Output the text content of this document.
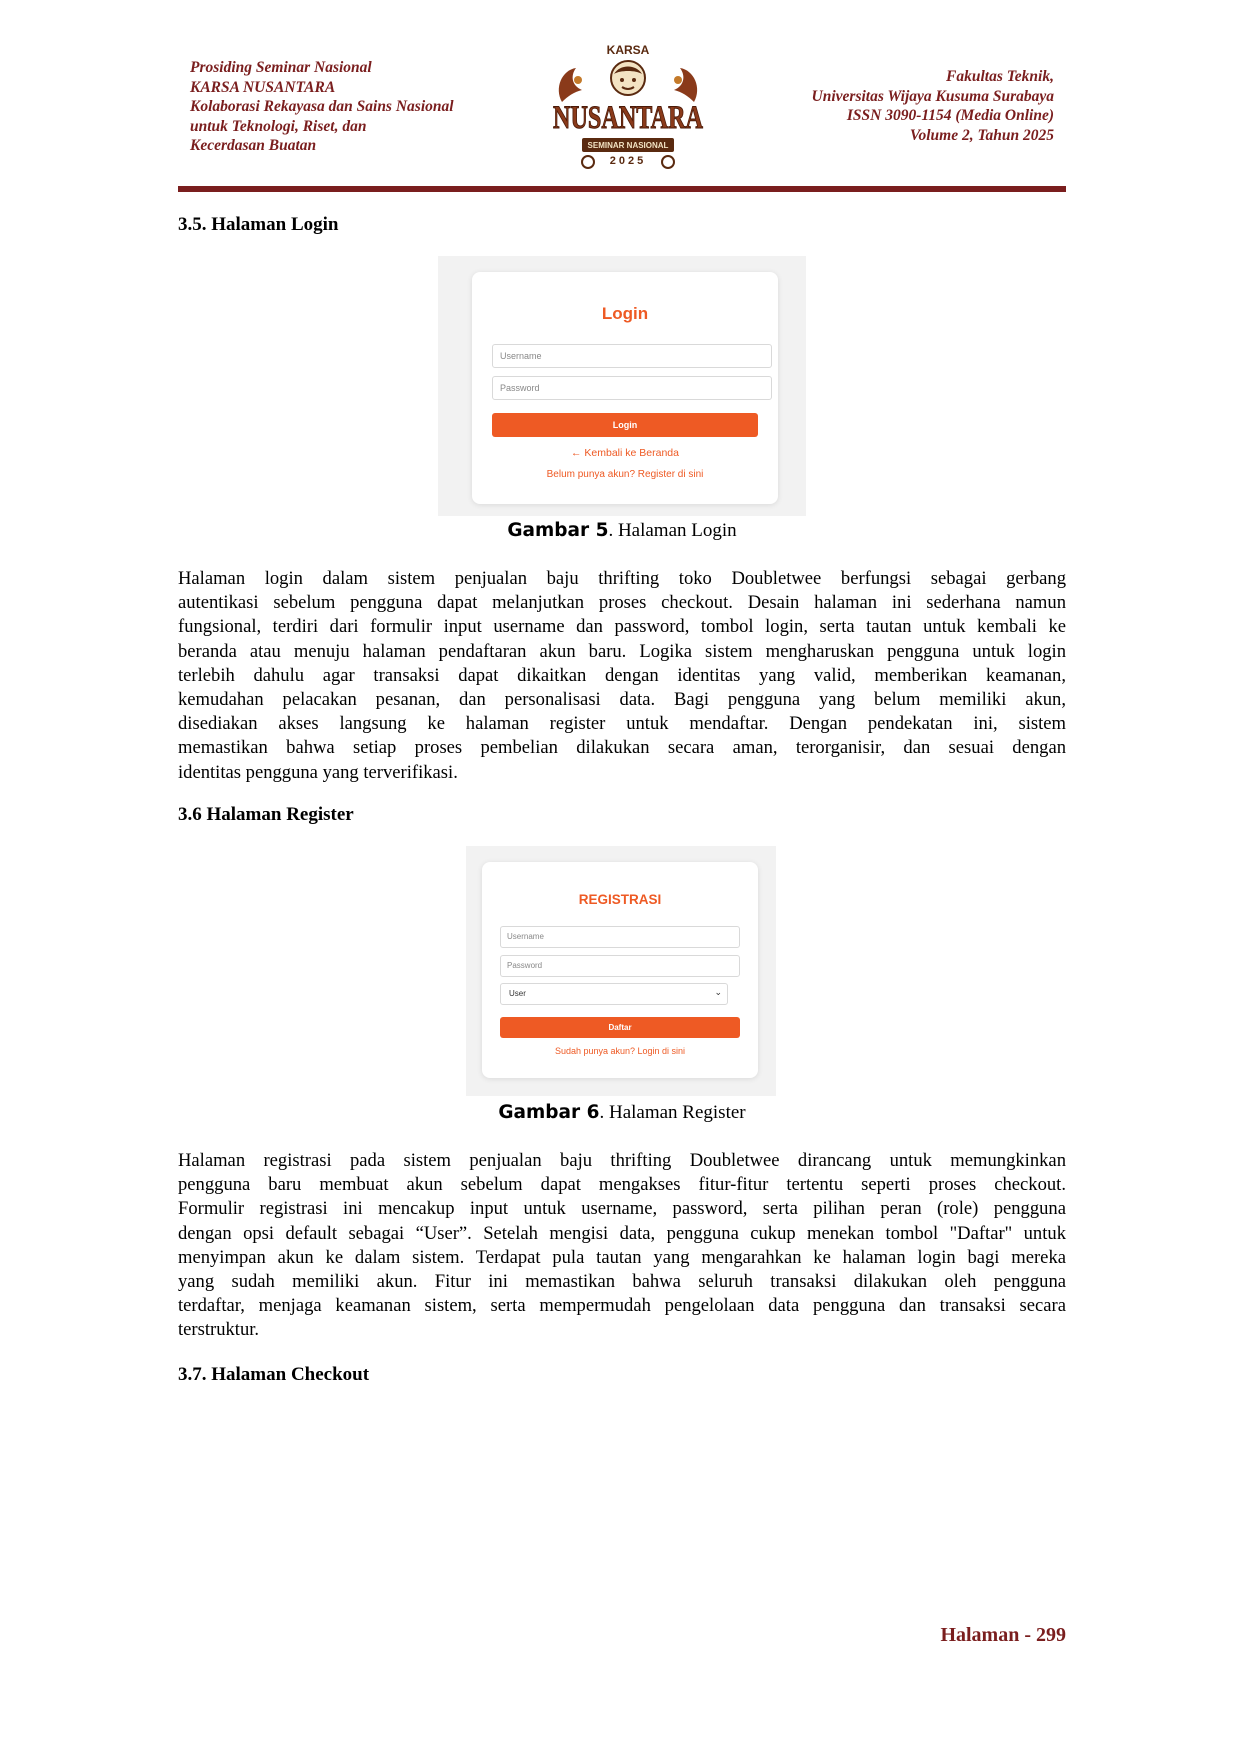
Prosiding Seminar Nasional
KARSA NUSANTARA
Kolaborasi Rekayasa dan Sains Nasional
untuk Teknologi, Riset, dan
Kecerdasan Buatan
KARSA
NUSANTARA
SEMINAR NASIONAL
2025
Fakultas Teknik,
Universitas Wijaya Kusuma Surabaya
ISSN 3090-1154 (Media Online)
Volume 2, Tahun 2025
3.5. Halaman Login
Login
Username
Password
Login
← Kembali ke Beranda
Belum punya akun? Register di sini
Gambar 5. Halaman Login
Halaman login dalam sistem penjualan baju thrifting toko Doubletwee berfungsi sebagai gerbang
autentikasi sebelum pengguna dapat melanjutkan proses checkout. Desain halaman ini sederhana namun
fungsional, terdiri dari formulir input username dan password, tombol login, serta tautan untuk kembali ke
beranda atau menuju halaman pendaftaran akun baru. Logika sistem mengharuskan pengguna untuk login
terlebih dahulu agar transaksi dapat dikaitkan dengan identitas yang valid, memberikan keamanan,
kemudahan pelacakan pesanan, dan personalisasi data. Bagi pengguna yang belum memiliki akun,
disediakan akses langsung ke halaman register untuk mendaftar. Dengan pendekatan ini, sistem
memastikan bahwa setiap proses pembelian dilakukan secara aman, terorganisir, dan sesuai dengan
identitas pengguna yang terverifikasi.
3.6 Halaman Register
REGISTRASI
Username
Password
User	⌄
Daftar
Sudah punya akun? Login di sini
Gambar 6. Halaman Register
Halaman registrasi pada sistem penjualan baju thrifting Doubletwee dirancang untuk memungkinkan
pengguna baru membuat akun sebelum dapat mengakses fitur-fitur tertentu seperti proses checkout.
Formulir registrasi ini mencakup input untuk username, password, serta pilihan peran (role) pengguna
dengan opsi default sebagai “User”. Setelah mengisi data, pengguna cukup menekan tombol "Daftar" untuk
menyimpan akun ke dalam sistem. Terdapat pula tautan yang mengarahkan ke halaman login bagi mereka
yang sudah memiliki akun. Fitur ini memastikan bahwa seluruh transaksi dilakukan oleh pengguna
terdaftar, menjaga keamanan sistem, serta mempermudah pengelolaan data pengguna dan transaksi secara
terstruktur.
3.7. Halaman Checkout
Halaman - 299
